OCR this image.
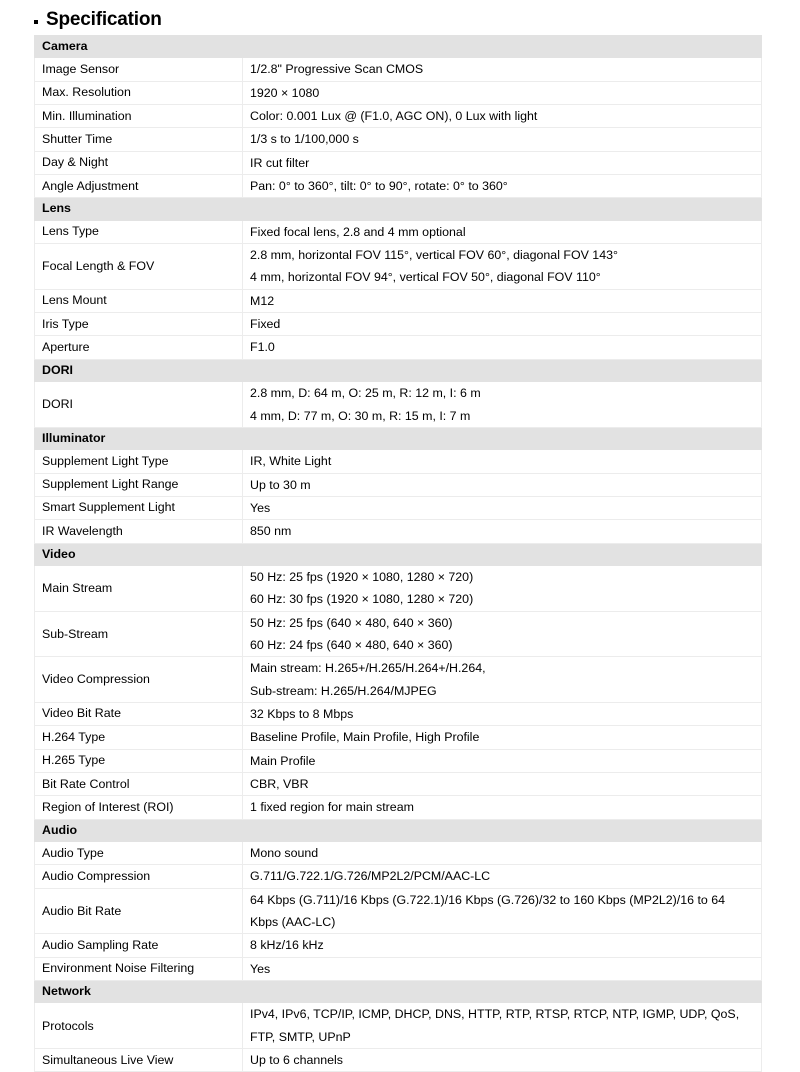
Specification
Camera	
Image Sensor	1/2.8" Progressive Scan CMOS

Max. Resolution	1920 × 1080

Min. Illumination	Color: 0.001 Lux @ (F1.0, AGC ON), 0 Lux with light

Shutter Time	1/3 s to 1/100,000 s

Day & Night	IR cut filter

Angle Adjustment	Pan: 0° to 360°, tilt: 0° to 90°, rotate: 0° to 360°

Lens	
Lens Type	Fixed focal lens, 2.8 and 4 mm optional

Focal Length & FOV	2.8 mm, horizontal FOV 115°, vertical FOV 60°, diagonal FOV 143°
4 mm, horizontal FOV 94°, vertical FOV 50°, diagonal FOV 110°

Lens Mount	M12

Iris Type	Fixed

Aperture	F1.0

DORI	
DORI	2.8 mm, D: 64 m, O: 25 m, R: 12 m, I: 6 m
4 mm, D: 77 m, O: 30 m, R: 15 m, I: 7 m

Illuminator	
Supplement Light Type	IR, White Light

Supplement Light Range	Up to 30 m

Smart Supplement Light	Yes

IR Wavelength	850 nm

Video	
Main Stream	50 Hz: 25 fps (1920 × 1080, 1280 × 720)
60 Hz: 30 fps (1920 × 1080, 1280 × 720)

Sub-Stream	50 Hz: 25 fps (640 × 480, 640 × 360)
60 Hz: 24 fps (640 × 480, 640 × 360)

Video Compression	Main stream: H.265+/H.265/H.264+/H.264,
Sub-stream: H.265/H.264/MJPEG

Video Bit Rate	32 Kbps to 8 Mbps

H.264 Type	Baseline Profile, Main Profile, High Profile

H.265 Type	Main Profile

Bit Rate Control	CBR, VBR

Region of Interest (ROI)	1 fixed region for main stream

Audio	
Audio Type	Mono sound

Audio Compression	G.711/G.722.1/G.726/MP2L2/PCM/AAC-LC

Audio Bit Rate	64 Kbps (G.711)/16 Kbps (G.722.1)/16 Kbps (G.726)/32 to 160 Kbps (MP2L2)/16 to 64
Kbps (AAC-LC)

Audio Sampling Rate	8 kHz/16 kHz

Environment Noise Filtering	Yes

Network	
Protocols	IPv4, IPv6, TCP/IP, ICMP, DHCP, DNS, HTTP, RTP, RTSP, RTCP, NTP, IGMP, UDP, QoS,
FTP, SMTP, UPnP

Simultaneous Live View	Up to 6 channels
